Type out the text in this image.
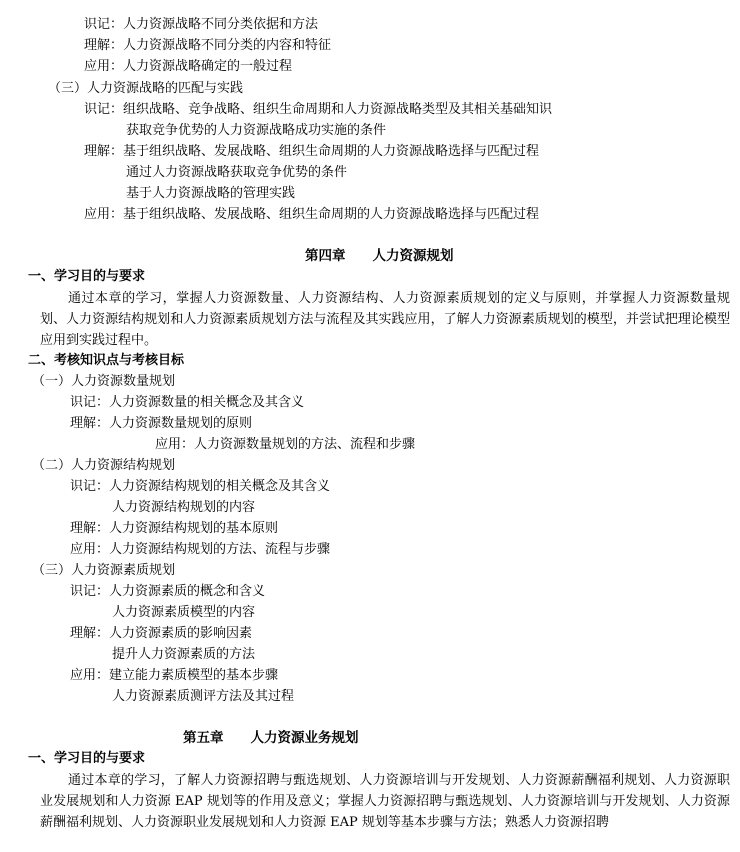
识记：人力资源战略不同分类依据和方法
理解：人力资源战略不同分类的内容和特征
应用：人力资源战略确定的一般过程
（三）人力资源战略的匹配与实践
识记：组织战略、竞争战略、组织生命周期和人力资源战略类型及其相关基础知识
获取竞争优势的人力资源战略成功实施的条件
理解：基于组织战略、发展战略、组织生命周期的人力资源战略选择与匹配过程
通过人力资源战略获取竞争优势的条件
基于人力资源战略的管理实践
应用：基于组织战略、发展战略、组织生命周期的人力资源战略选择与匹配过程
第四章　　人力资源规划
一、学习目的与要求
通过本章的学习，掌握人力资源数量、人力资源结构、人力资源素质规划的定义与原则，并掌握人力资源数量规划、人力资源结构规划和人力资源素质规划方法与流程及其实践应用，了解人力资源素质规划的模型，并尝试把理论模型应用到实践过程中。
二、考核知识点与考核目标
（一）人力资源数量规划
识记：人力资源数量的相关概念及其含义
理解：人力资源数量规划的原则
应用：人力资源数量规划的方法、流程和步骤
（二）人力资源结构规划
识记：人力资源结构规划的相关概念及其含义
人力资源结构规划的内容
理解：人力资源结构规划的基本原则
应用：人力资源结构规划的方法、流程与步骤
（三）人力资源素质规划
识记：人力资源素质的概念和含义
人力资源素质模型的内容
理解：人力资源素质的影响因素
提升人力资源素质的方法
应用：建立能力素质模型的基本步骤
人力资源素质测评方法及其过程
第五章　　人力资源业务规划
一、学习目的与要求
通过本章的学习，了解人力资源招聘与甄选规划、人力资源培训与开发规划、人力资源薪酬福利规划、人力资源职业发展规划和人力资源 EAP 规划等的作用及意义；掌握人力资源招聘与甄选规划、人力资源培训与开发规划、人力资源薪酬福利规划、人力资源职业发展规划和人力资源 EAP 规划等基本步骤与方法；熟悉人力资源招聘
